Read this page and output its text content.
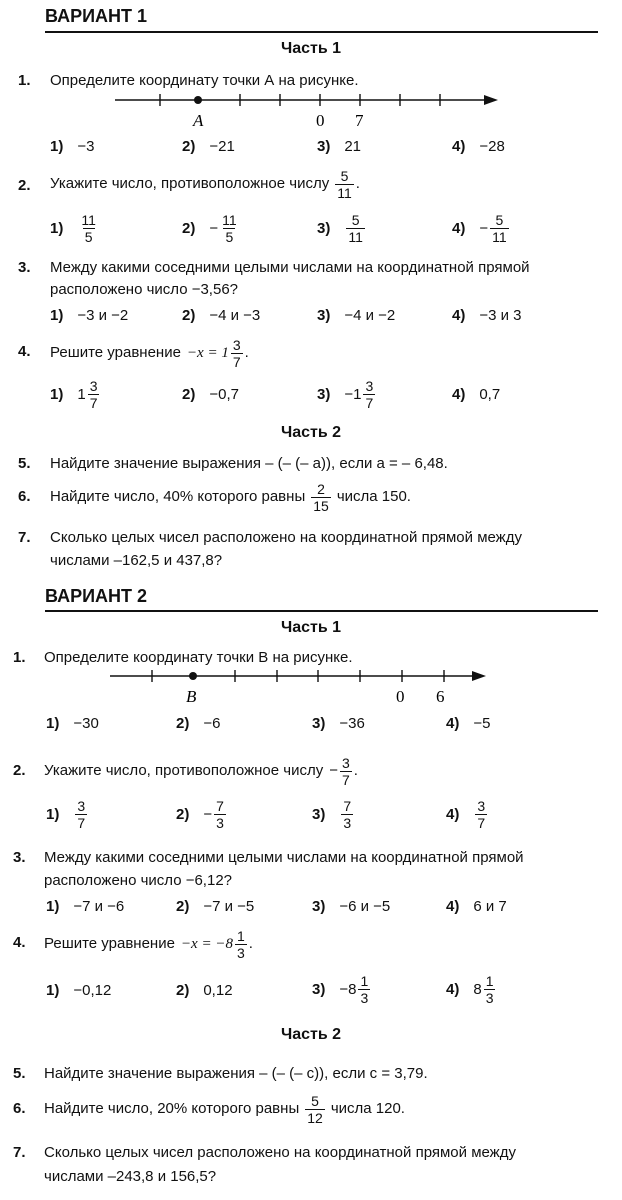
ВАРИАНТ 1
Часть 1
1. Определите координату точки А на рисунке.
A	0 7
1) −3	2) −21	3) 21	4) −28
2. Укажите число, противоположное числу $\frac{5}{11}$ .
$1) \frac{11}{5}$	$2) - \frac{11}{5}$	$3) \frac{5}{11}$	$4) - \frac{5}{11}$
3. Между какими соседними целыми числами на координатной прямой
расположено число −3,56?
1) −3 и −2	2) −4 и −3	3) −4 и −2	4) −3 и 3
4. Решите уравнение $-x = 1 \frac{3}{7}$ .
1) $1 \frac{3}{7}$	2) −0,7	$3) -1 \frac{3}{7}$	4) 0,7
Часть 2
5. Найдите значение выражения – (– (– a)), если a = – 6,48.
6. Найдите число, 40% которого равны $\frac{2}{15}$ числа 150.
7. Сколько целых чисел расположено на координатной прямой между
числами –162,5 и 437,8?
ВАРИАНТ 2
Часть 1
1. Определите координату точки В на рисунке.
B	0 6
1) −30	2) −6	3) −36	4) −5
2. Укажите число, противоположное числу − $\frac{3}{7}$ .
$1) \frac{3}{7}$	$2) - \frac{7}{3}$	$3) \frac{7}{3}$	$4) \frac{3}{7}$
3. Между какими соседними целыми числами на координатной прямой
расположено число −6,12?
1) −7 и −6	2) −7 и −5	3) −6 и −5	4) 6 и 7
4. Решите уравнение $-x = -8 \frac{1}{3}$ .
1) −0,12	2) 0,12	$3) -8 \frac{1}{3}$	4) $8 \frac{1}{3}$
Часть 2
5. Найдите значение выражения – (– (– c)), если c = 3,79.
6. Найдите число, 20% которого равны $\frac{5}{12}$ числа 120.
7. Сколько целых чисел расположено на координатной прямой между
числами –243,8 и 156,5?
